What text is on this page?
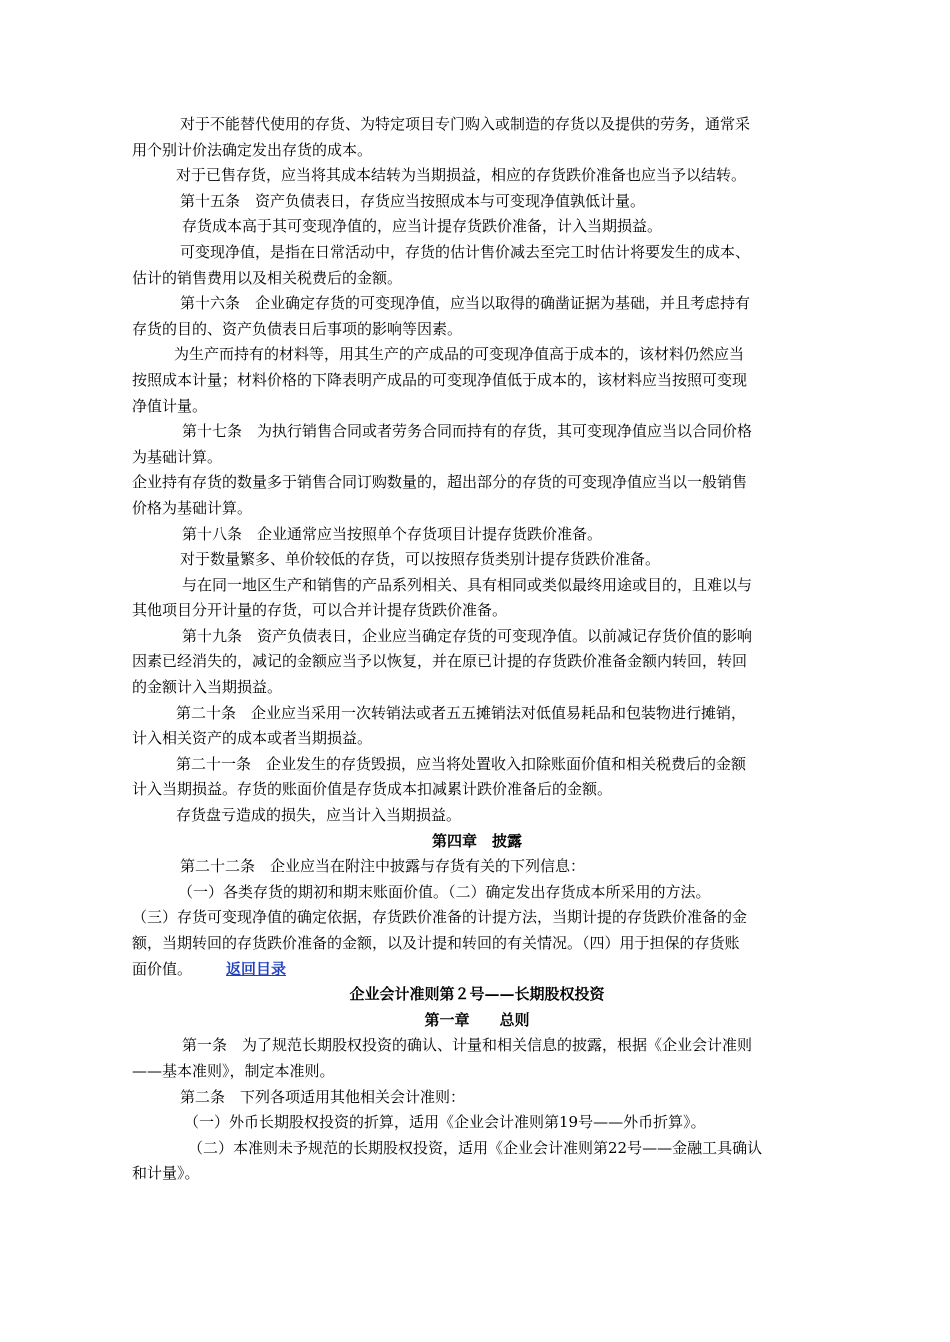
对于不能替代使用的存货、为特定项目专门购入或制造的存货以及提供的劳务，通常采
用个别计价法确定发出存货的成本。
对于已售存货，应当将其成本结转为当期损益，相应的存货跌价准备也应当予以结转。
第十五条　资产负债表日，存货应当按照成本与可变现净值孰低计量。
存货成本高于其可变现净值的，应当计提存货跌价准备，计入当期损益。
可变现净值，是指在日常活动中，存货的估计售价减去至完工时估计将要发生的成本、
估计的销售费用以及相关税费后的金额。
第十六条　企业确定存货的可变现净值，应当以取得的确凿证据为基础，并且考虑持有
存货的目的、资产负债表日后事项的影响等因素。
为生产而持有的材料等，用其生产的产成品的可变现净值高于成本的，该材料仍然应当
按照成本计量；材料价格的下降表明产成品的可变现净值低于成本的，该材料应当按照可变现
净值计量。
第十七条　为执行销售合同或者劳务合同而持有的存货，其可变现净值应当以合同价格
为基础计算。
企业持有存货的数量多于销售合同订购数量的，超出部分的存货的可变现净值应当以一般销售
价格为基础计算。
第十八条　企业通常应当按照单个存货项目计提存货跌价准备。
对于数量繁多、单价较低的存货，可以按照存货类别计提存货跌价准备。
与在同一地区生产和销售的产品系列相关、具有相同或类似最终用途或目的，且难以与
其他项目分开计量的存货，可以合并计提存货跌价准备。
第十九条　资产负债表日，企业应当确定存货的可变现净值。以前减记存货价值的影响
因素已经消失的，减记的金额应当予以恢复，并在原已计提的存货跌价准备金额内转回，转回
的金额计入当期损益。
第二十条　企业应当采用一次转销法或者五五摊销法对低值易耗品和包装物进行摊销，
计入相关资产的成本或者当期损益。
第二十一条　企业发生的存货毁损，应当将处置收入扣除账面价值和相关税费后的金额
计入当期损益。存货的账面价值是存货成本扣减累计跌价准备后的金额。
存货盘亏造成的损失，应当计入当期损益。
第四章　披露
第二十二条　企业应当在附注中披露与存货有关的下列信息：
（一）各类存货的期初和期末账面价值。（二）确定发出存货成本所采用的方法。
（三）存货可变现净值的确定依据，存货跌价准备的计提方法，当期计提的存货跌价准备的金
额，当期转回的存货跌价准备的金额，以及计提和转回的有关情况。（四）用于担保的存货账
面价值。 返回目录
企业会计准则第２号——长期股权投资
第一章　　总则
第一条　为了规范长期股权投资的确认、计量和相关信息的披露，根据《企业会计准则
——基本准则》，制定本准则。
第二条　下列各项适用其他相关会计准则：
（一）外币长期股权投资的折算，适用《企业会计准则第19号——外币折算》。
（二）本准则未予规范的长期股权投资，适用《企业会计准则第22号——金融工具确认
和计量》。
